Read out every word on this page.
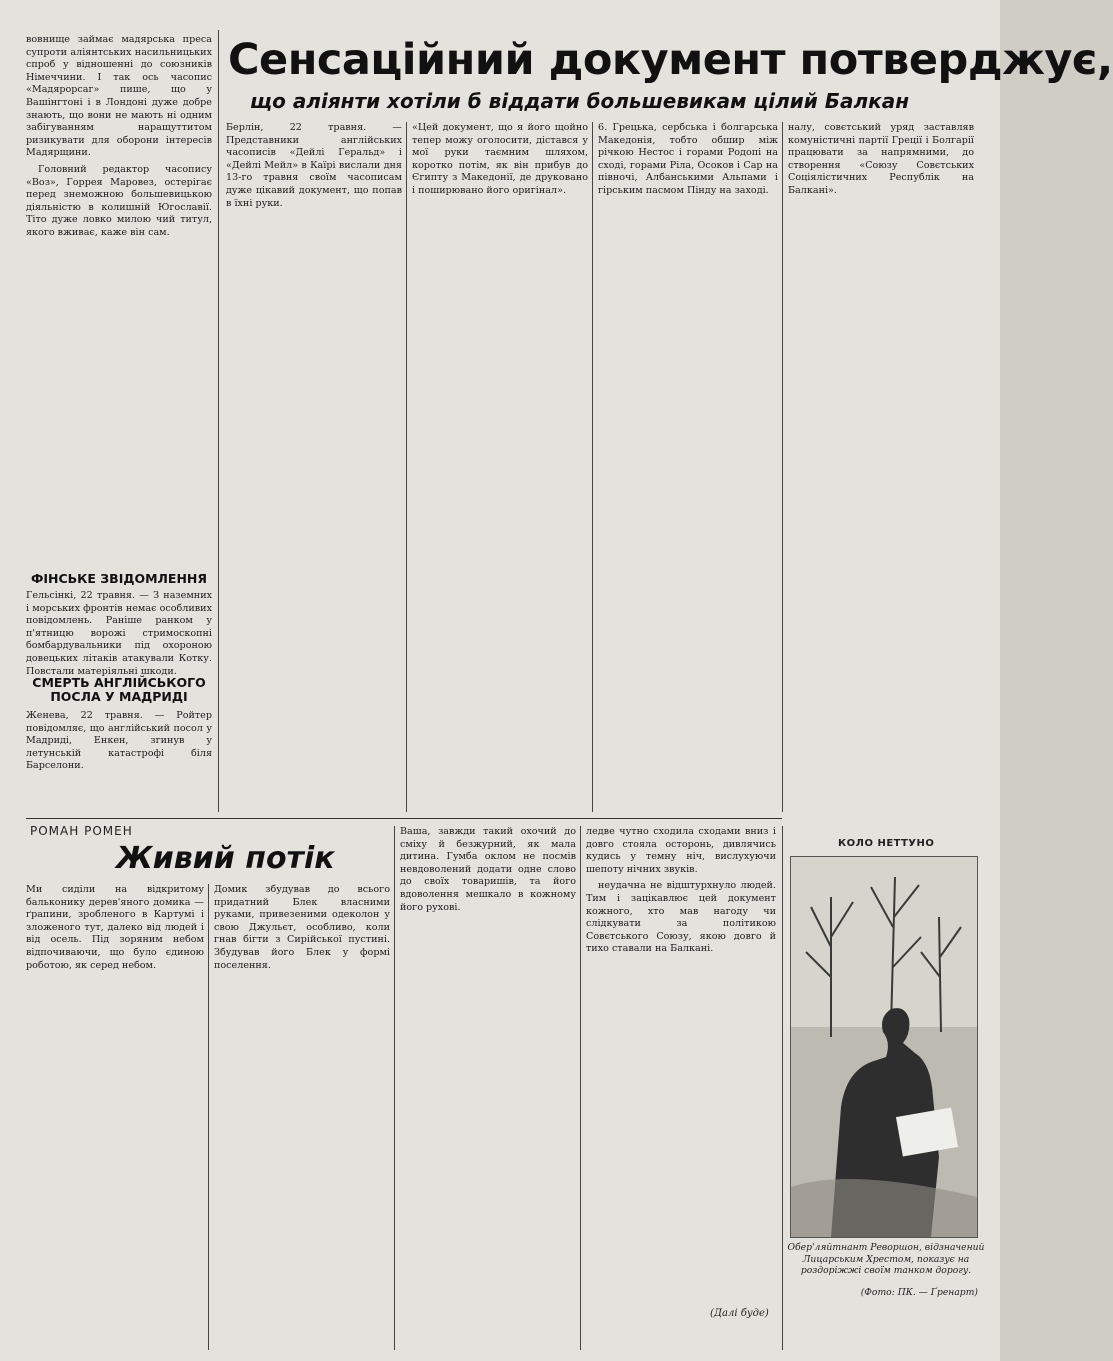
вовнище займає мадярська преса супроти аліянтських насильницьких спроб у відношенні до союзників Німеччини. І так ось часопис «Мадярорсаг» пише, що у Вашінгтоні і в Лондоні дуже добре знають, що вони не мають ні одним забігуванням наращуттитом ризикувати для оборони інтересів Мадярщини.

Головний редактор часопису «Воз», Горрея Маровез, остерігає перед знеможною большевицькою діяльністю в колишній Югославії. Тіто дуже ловко милою чий титул, якого вживає, каже він сам.

ФІНСЬКЕ ЗВІДОМЛЕННЯ
Гельсінкі, 22 травня. — З наземних і морських фронтів немає особливих повідомлень. Раніше ранком у п'ятницю ворожі стримоскопні бомбардувальники під охороною довецьких літаків атакували Котку. Повстали матеріяльні шкоди.
СМЕРТЬ АНГЛІЙСЬКОГО ПОСЛА У МАДРИДІ
Женева, 22 травня. — Ройтер повідомляє, що англійський посол у Мадриді, Енкен, згинув у летунській катастрофі біля Барселони.
Сенсаційний документ потверджує,
що аліянти хотіли б віддати большевикам цілий Балкан

Берлін, 22 травня. — Представники англійських часописів «Дейлі Геральд» і «Дейлі Мейл» в Каїрі вислали дня 13-го травня своїм часописам дуже цікавий документ, що попав в їхні руки.

«Цей документ, що я його щойно тепер можу оголосити, дістався у мої руки таємним шляхом, коротко потім, як він прибув до Єгипту з Македонії, де друковано і поширювано його оригінал».

6. Грецька, сербська і болгарська Македонія, тобто обшир між річкою Нестос і горами Родопі на сході, горами Ріла, Осоков і Сар на півночі, Албанськими Альпами і гірським пасмом Пінду на заході.

налу, совєтський уряд заставляв комуністичні партії Греції і Болгарії працювати за напрямними, до створення «Союзу Совєтських Соціялістичних Республік на Балкані».

РОМАН РОМЕН
Живий потік

Ми сиділи на відкритому бальконику дерев'яного домика — ґрапини, зробленого в Картумі і зложеного тут, далеко від людей і від осель. Під зоряним небом відпочиваючи, що було єдиною роботою, як серед небом.

Домик збудував до всього придатний Блек власними руками, привезеними одеколон у свою Джульєт, особливо, коли гнав бігти з Сирійської пустині. Збудував його Блек у формі поселення.

Ваша, завжди такий охочий до сміху й безжурний, як мала дитина. Гумба оклом не посмів невдоволений додати одне слово до своїх товаришів, та його вдоволення мешкало в кожному його рухові.

ледве чутно сходила сходами вниз і довго стояла осторонь, дивлячись кудись у темну ніч, вислухуючи шепоту нічних звуків.

неудачна не відштурхнуло людей. Тим і зацікавлює цей документ кожного, хто мав нагоду чи слідкувати за політикою Совєтського Союзу, якою довго й тихо ставали на Балкані.

(Далі буде)
КОЛО НЕТТУНО
Обер'ляйтнант Реворшон, відзначений Лицарським Хрестом, показує на роздоріжжі своїм танком дорогу.
(Фото: ПК. — Ґренарт)
